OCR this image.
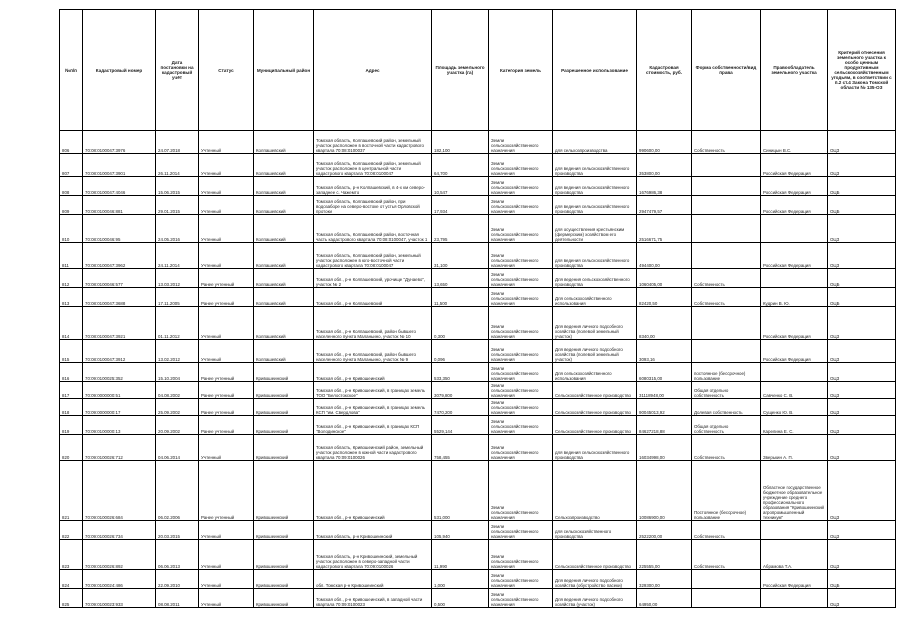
№п/п	Кадастровый номер	Дата постановки на кадастровый учёт	Статус	Муниципальный район	Адрес	Площадь земельного участка (га)	Категория земель	Разрешенное использование	Кадастровая стоимость, руб.	Форма собственности/вид права	Правообладатель земельного участка	Критерий отнесения земельного участка к особо ценным продуктивным сельскохозяйственным угодьям, в соответствии с п.2 ст.4 Закона Томской области № 135-ОЗ
806	70:08:0100047:3976	24.07.2018	Учтенный	Колпашевский	Томская область, Колпашевский район, земельный участок расположен в восточной части кадастрового квартала 70:08:0100037	182,100	Земли сельскохозяйственного назначения	для сельхозпроизводства	990600,00	Собственность	Синицын В.С.	ОЦЗ
807	70:08:0100047:3901	26.11.2014	Учтенный	Колпашевский	Томская область, Колпашевский район, земельный участок расположен в центральной части кадастрового квартала 70:08:0100047	64,700	Земли сельскохозяйственного назначения	для ведения сельскохозяйственного производства	353800,00		Российская Федерация	ОЦЗ
808	70:08:0100047:4046	15.06.2015	Учтенный	Колпашевский	Томская область, р-н Колпашевский, в 4-х км северо-западнее с. Чажемто	10,547	Земли сельскохозяйственного назначения	для ведения сельскохозяйственного производства	1676986,38		Российская Федерация	ОЦБ
809	70:08:0100046:881	29.01.2015	Учтенный	Колпашевский	Томская область, Колпашевский район, при водозаборе на северо-востоке от устья Орловской протоки	17,934	Земли сельскохозяйственного назначения	для ведения сельскохозяйственного производства	2947479,57		Российская Федерация	ОЦБ
810	70:08:0100046:95	24.05.2016	Учтенный	Колпашевский	Томская область, Колпашевский район, восточная часть кадастрового квартала 70:08:0100047, участок 1	23,795	Земли сельскохозяйственного назначения	для осуществления крестьянским (фермерским) хозяйством его деятельности	2516671,75			ОЦЗ
811	70:08:0100047:3962	24.11.2014	Учтенный	Колпашевский	Томская область, Колпашевский район, земельный участок расположен в юго-восточной части кадастрового квартала 70:08:0100047	31,100	Земли сельскохозяйственного назначения	для ведения сельскохозяйственного производства	494400,00		Российская Федерация	ОЦЗ
812	70:08:0100046:577	13.03.2012	Ранее учтенный	Колпашевский	Томская обл., р-н Колпашевский, урочище "Дунаево", участок № 2	13,650	Земли сельскохозяйственного назначения	Для ведения сельскохозяйственного производства	1060405,00	Собственность		ОЦБ
813	70:08:0100047:3688	17.11.2005	Ранее учтенный	Колпашевский	Томская обл., р-н Колпашевский	11,500	Земли сельскохозяйственного назначения	Для сельскохозяйственного использования	82420,50	Собственность	Кудрин В. Ю.	ОЦБ
814	70:08:0100047:3921	01.11.2012	Учтенный	Колпашевский	Томская обл., р-н Колпашевский, район бывшего населенного пункта Маланьино, участок № 10	0,300	Земли сельскохозяйственного назначения	Для ведения личного подсобного хозяйства (полевой земельный участок)	8340,00		Российская Федерация	ОЦЗ
815	70:08:0100047:3912	13.02.2012	Учтенный	Колпашевский	Томская обл., р-н Колпашевский, район бывшего населенного пункта Маланьино, участок № 9	0,096	Земли сельскохозяйственного назначения	Для ведения личного подсобного хозяйства (полевой земельный участок)	3093,16		Российская Федерация	ОЦЗ
816	70:09:0100025:352	15.10.2004	Ранее учтенный	Кривошеинский	Томская обл., р-н Кривошеинский	533,350	Земли сельскохозяйственного назначения	Для сельскохозяйственного использования	6080315,00	постоянное (бессрочное) пользование		ОЦЗ
817	70:09:0000000:51	04.08.2002	Ранее учтенный	Кривошеинский	Томская обл., р-н Кривошеинский, в границах земель ТОО "Белостокское"	3079,800	Земли сельскохозяйственного назначения	Сельскохозяйственное производство	31118948,00	Общая отдельно собственность	Савченко С. В.	ОЦЗ
818	70:09:0000000:17	25.09.2002	Ранее учтенный	Кривошеинский	Томская обл., р-н Кривошеинский, в границах земель КСП "им. Свердлова"	7470,200	Земли сельскохозяйственного назначения	Сельскохозяйственное производство	90045013,92	Долевая собственность	Сущенко Ю. В.	ОЦЗ
819	70:09:0100000:13	20.09.2002	Ранее учтенный	Кривошеинский	Томская обл., р-н Кривошеинский, в границах КСП "Володинское"	5529,144	Земли сельскохозяйственного назначения	Сельскохозяйственное производство	84627218,88	Общая отдельно собственность	Карелина Е. С.	ОЦЗ
820	70:09:0100026:712	04.06.2014	Учтенный	Кривошеинский	Томская область, Кривошеинский район, земельный участок расположен в южной части кадастрового квартала 70:09:0100026	758,455	Земли сельскохозяйственного назначения	для ведения сельскохозяйственного производства	16034998,00	Собственность	Зверькин А. П.	ОЦЗ
821	70:09:0100026:684	06.02.2006	Ранее учтенный	Кривошеинский	Томская обл., р-н Кривошеинский	531,000	Земли сельскохозяйственного назначения	Сельхозпроизводство	10086900,00	Постоянное (бессрочное) пользование	Областное государственное бюджетное образовательное учреждение среднего профессионального образования "Кривошеинский агропромышленный техникум"	ОЦЗ
822	70:09:0100026:734	20.03.2015	Учтенный	Кривошеинский	Томская область, р-н Кривошеинский	105,940	Земли сельскохозяйственного назначения	для сельскохозяйственного производства	2522200,00	Собственность		ОЦЗ
823	70:09:0100026:892	06.06.2013	Учтенный	Кривошеинский	Томская область, р-н Кривошеинский, земельный участок расположен в северо-западной части кадастрового квартала 70:09:0100026	11,990	Земли сельскохозяйственного назначения	Сельскохозяйственное производство	225555,00	Собственность	Абрамова Т.А.	ОЦЗ
824	70:09:0100024:486	22.09.2010	Учтенный	Кривошеинский	обл. Томская р-н Кривошеинский	1,000	Земли сельскохозяйственного назначения	Для ведения личного подсобного хозяйства (обустройство пасеки)	329300,00		Российская Федерация	ОЦБ
825	70:09:0100023:933	08.08.2011	Учтенный	Кривошеинский	Томская обл., р-н Кривошеинский, в западной части квартала 70:09:0100023	0,500	Земли сельскохозяйственного назначения	Для ведения личного подсобного хозяйства (участок)	64950,00			ОЦЗ
